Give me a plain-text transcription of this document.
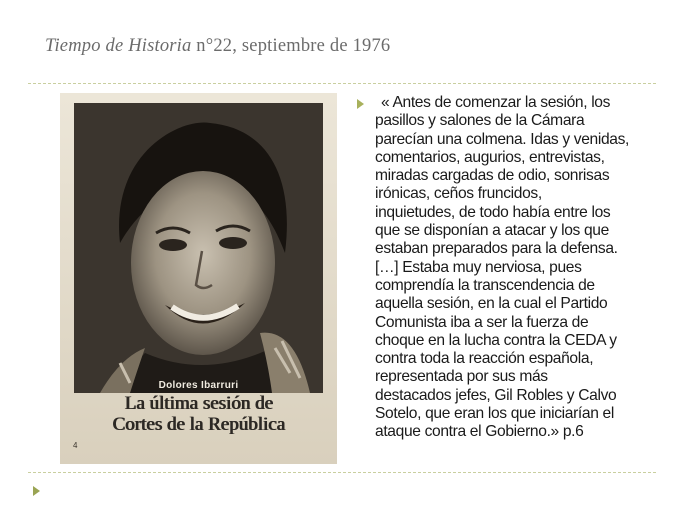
Tiempo de Historia n°22, septiembre de 1976
Dolores Ibarruri
La última sesión de
Cortes de la República
4
« Antes de comenzar la sesión, los
pasillos y salones de la Cámara
parecían una colmena. Idas y venidas,
comentarios, augurios, entrevistas,
miradas cargadas de odio, sonrisas
irónicas, ceños fruncidos,
inquietudes, de todo había entre los
que se disponían a atacar y los que
estaban preparados para la defensa.
[…] Estaba muy nerviosa, pues
comprendía la transcendencia de
aquella sesión, en la cual el Partido
Comunista iba a ser la fuerza de
choque en la lucha contra la CEDA y
contra toda la reacción española,
representada por sus más
destacados jefes, Gil Robles y Calvo
Sotelo, que eran los que iniciarían el
ataque contra el Gobierno.» p.6
